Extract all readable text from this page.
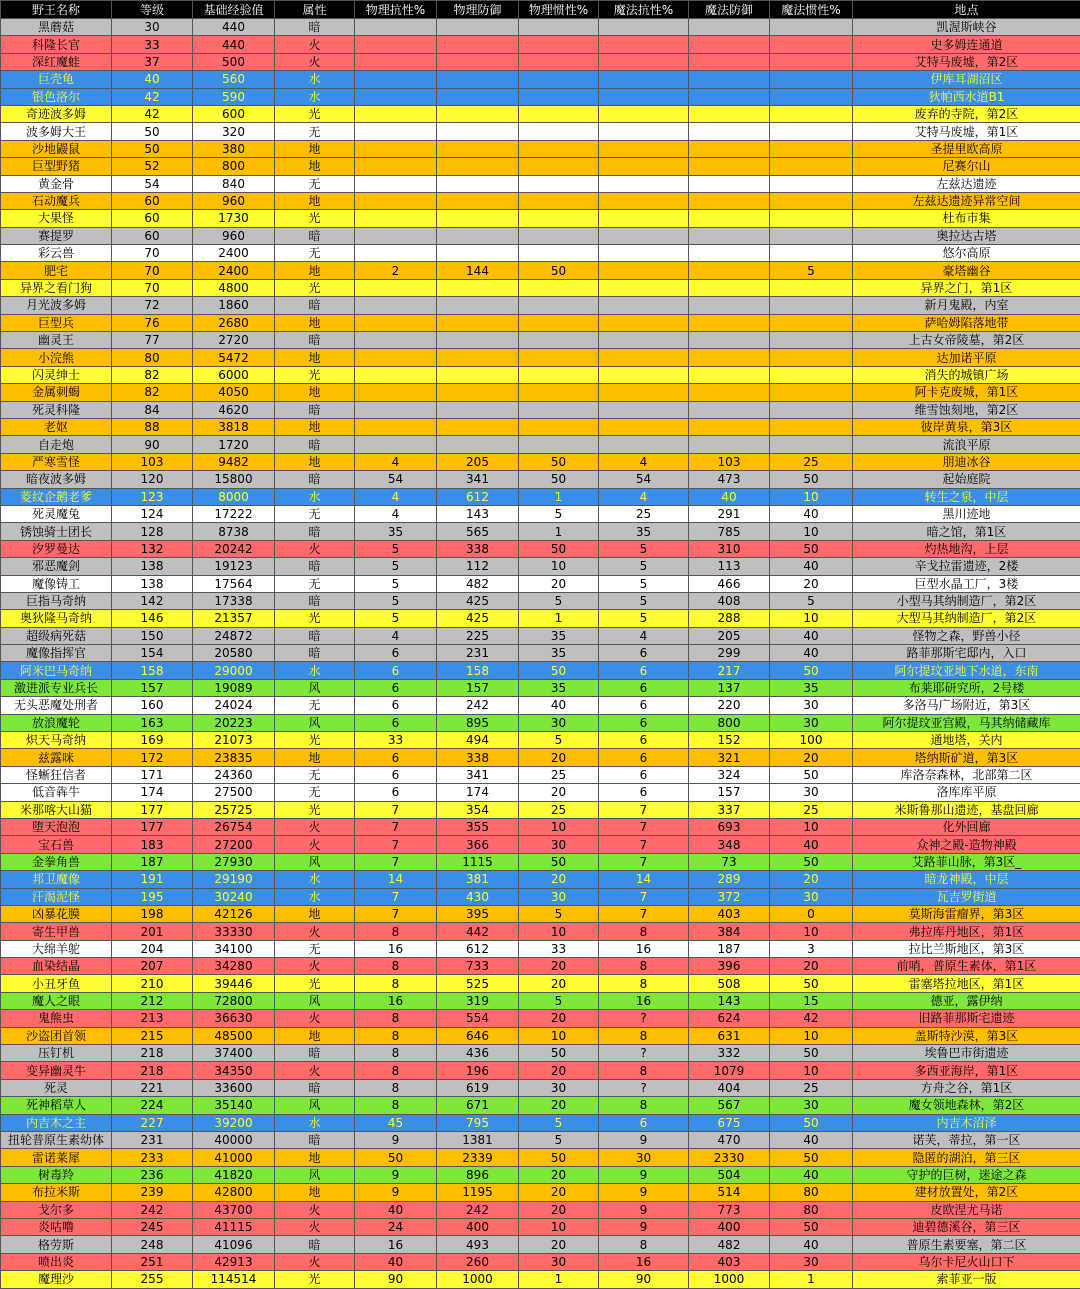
野王名称	等级	基础经验值	属性	物理抗性%	物理防御	物理惯性%	魔法抗性%	魔法防御	魔法惯性%	地点
黑蘑菇	30	440	暗							凯渥斯峡谷
科隆长官	33	440	火							史多姆连通道
深红魔蛙	37	500	火							艾特马废墟，第2区
巨壳龟	40	560	水							伊库耳湖沼区
银色洛尔	42	590	水							狄帕西水道B1
奇迹波多姆	42	600	光							废弃的寺院，第2区
波多姆大王	50	320	无							艾特马废墟，第1区
沙地鼹鼠	50	380	地							圣提里欧高原
巨型野猪	52	800	地							尼赛尔山
黄金骨	54	840	无							左兹达遗迹
石动魔兵	60	960	地							左兹达遗迹异常空间
大果怪	60	1730	光							杜布市集
赛提罗	60	960	暗							奥拉达古塔
彩云兽	70	2400	无							悠尔高原
肥宅	70	2400	地	2	144	50			5	豪塔幽谷
异界之看门狗	70	4800	光							异界之门，第1区
月光波多姆	72	1860	暗							新月鬼殿，内室
巨型兵	76	2680	地							萨哈姆陷落地带
幽灵王	77	2720	暗							上古女帝陵墓，第2区
小浣熊	80	5472	地							达加诺平原
闪灵绅士	82	6000	光							消失的城镇广场
金属刺蝎	82	4050	地							阿卡克废城，第1区
死灵科隆	84	4620	暗							维雪蚀刻地，第2区
老妪	88	3818	地							彼岸黄泉，第3区
自走炮	90	1720	暗							流浪平原
严寒雪怪	103	9482	地	4	205	50	4	103	25	朋迪冰谷
暗夜波多姆	120	15800	暗	54	341	50	54	473	50	起始庭院
菱纹企鹅老爹	123	8000	水	4	612	1	4	40	10	转生之泉，中层
死灵魔兔	124	17222	无	4	143	5	25	291	40	黑川迹地
锈蚀骑士团长	128	8738	暗	35	565	1	35	785	10	暗之馆，第1区
汐罗曼达	132	20242	火	5	338	50	5	310	50	灼热地沟，上层
邪恶魔剑	138	19123	暗	5	112	10	5	113	40	辛戈拉雷遗迹，2楼
魔像铸工	138	17564	无	5	482	20	5	466	20	巨型水晶工厂，3楼
巨指马奇纳	142	17338	暗	5	425	5	5	408	5	小型马其纳制造厂，第2区
奥狄隆马奇纳	146	21357	光	5	425	1	5	288	10	大型马其纳制造厂，第2区
超级病死菇	150	24872	暗	4	225	35	4	205	40	怪物之森，野兽小径
魔像指挥官	154	20580	暗	6	231	35	6	299	40	路菲那斯宅邸内，入口
阿米巴马奇纳	158	29000	水	6	158	50	6	217	50	阿尔提玟亚地下水道，东南
激进派专业兵长	157	19089	风	6	157	35	6	137	35	布莱耶研究所，2号楼
无头恶魔处刑者	160	24024	无	6	242	40	6	220	30	多洛马广场附近，第3区
放浪魔轮	163	20223	风	6	895	30	6	800	30	阿尔提玟亚宫殿，马其纳储藏库
炽天马奇纳	169	21073	光	33	494	5	6	152	100	通地塔，关内
兹露咪	172	23835	地	6	338	20	6	321	20	塔纳斯矿道，第3区
怪蜥狂信者	171	24360	无	6	341	25	6	324	50	库洛奈森林，北部第二区
低音犇牛	174	27500	无	6	174	20	6	157	30	洛库库平原
米那喀大山猫	177	25725	光	7	354	25	7	337	25	米斯鲁那山遗迹，基盘回廊
堕天泡泡	177	26754	火	7	355	10	7	693	10	化外回廊
宝石兽	183	27200	火	7	366	30	7	348	40	众神之殿-造物神殿
金拳角兽	187	27930	风	7	1115	50	7	73	50	艾路菲山脉，第3区_
邦卫魔像	191	29190	水	14	381	20	14	289	20	暗龙神殿，中层
汗渴泥怪	195	30240	水	7	430	30	7	372	30	瓦吉罗街道
凶暴花膜	198	42126	地	7	395	5	7	403	0	莫斯海雷瘤界，第3区
寄生甲兽	201	33330	火	8	442	10	8	384	10	弗拉库丹地区，第1区
大绵羊鸵	204	34100	无	16	612	33	16	187	3	拉比兰斯地区，第3区
血染结晶	207	34280	火	8	733	20	8	396	20	前哨，普原生素体，第1区
小丑牙鱼	210	39446	光	8	525	20	8	508	50	雷塞塔拉地区，第1区
魔人之眼	212	72800	风	16	319	5	16	143	15	德亚，露伊纳
鬼熊虫	213	36630	火	8	554	20	?	624	42	旧路菲那斯宅遗迹
沙盗团首领	215	48500	地	8	646	10	8	631	10	盖斯特沙漠，第3区
压钉机	218	37400	暗	8	436	50	?	332	50	埃鲁巴市街遗迹
变异幽灵牛	218	34350	火	8	196	20	8	1079	10	多西亚海岸，第1区
死灵	221	33600	暗	8	619	30	?	404	25	方舟之谷，第1区
死神稻草人	224	35140	风	8	671	20	8	567	30	魔女领地森林，第2区
内吉木之主	227	39200	水	45	795	5	6	675	50	内吉木沼泽
扭轮普原生素幼体	231	40000	暗	9	1381	5	9	470	40	诺芙，蒂拉，第一区
雷诺莱犀	233	41000	地	50	2339	50	30	2330	50	隐匿的湖泊，第三区
树毒羚	236	41820	风	9	896	20	9	504	40	守护的巨树，迷途之森
布拉米斯	239	42800	地	9	1195	20	9	514	80	建材放置处，第2区
戈尔多	242	43700	火	40	242	20	9	773	80	皮欧涅尤马诺
炎咕噜	245	41115	火	24	400	10	9	400	50	迪碧德溪谷，第三区
格劳斯	248	41096	暗	16	493	20	8	482	40	普原生素要塞，第二区
喷出炎	251	42913	火	40	260	30	16	403	30	乌尔卡尼火山口下
魔理沙	255	114514	光	90	1000	1	90	1000	1	索菲亚一版
